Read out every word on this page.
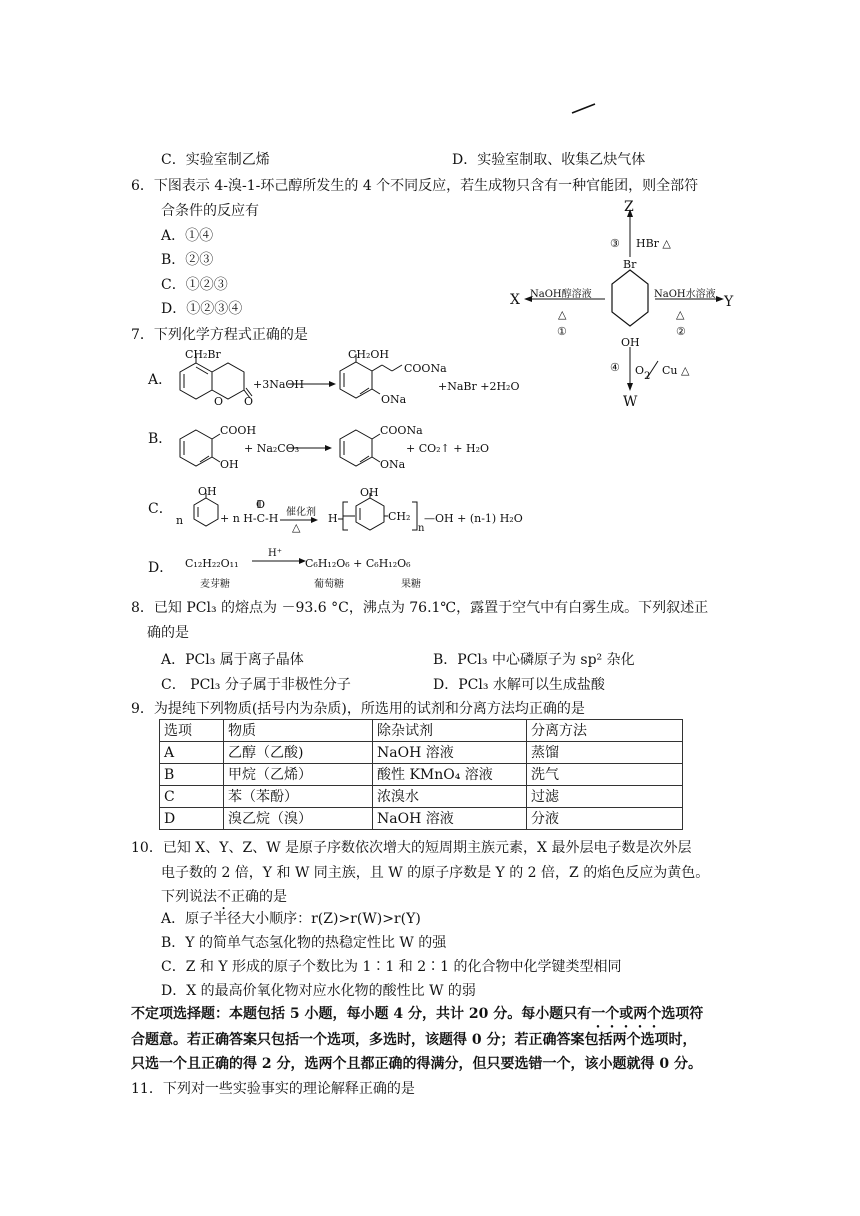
C．实验室制乙烯	D．实验室制取、收集乙炔气体
6．下图表示 4-溴-1-环己醇所发生的 4 个不同反应，若生成物只含有一种官能团，则全部符
合条件的反应有
A．①④
B．②③
C．①②③
D．①②③④
Z
③ HBr △
Br
X NaOH醇溶液
△
①
NaOH水溶液
△
②
Y
OH
④ O 2 Cu △
W
7．下列化学方程式正确的是
A．
CH₂Br
O O
+3NaOH
CH₂OH
COONa
ONa
+NaBr +2H₂O
B．
COOH
OH
+ Na₂CO₃
COONa
ONa
+ CO₂↑ + H₂O
C．
n
OH
+ n H-C-H
O
催化剂
△
H
OH
CH₂
n
—OH + (n-1) H₂O
D． C₁₂H₂₂O₁₁
H⁺
C₆H₁₂O₆ + C₆H₁₂O₆
麦芽糖	葡萄糖	果糖
8．已知 PCl₃ 的熔点为 －93.6 °C，沸点为 76.1℃，露置于空气中有白雾生成。下列叙述正
确的是
A．PCl₃ 属于离子晶体	B．PCl₃ 中心磷原子为 sp² 杂化
C． PCl₃ 分子属于非极性分子	D．PCl₃ 水解可以生成盐酸
9．为提纯下列物质(括号内为杂质)，所选用的试剂和分离方法均正确的是
选项	物质	除杂试剂	分离方法
A	乙醇（乙酸)	NaOH 溶液	蒸馏
B	甲烷（乙烯）	酸性 KMnO₄ 溶液	洗气
C	苯（苯酚）	浓溴水	过滤
D	溴乙烷（溴）	NaOH 溶液	分液
10．已知 X、Y、Z、W 是原子序数依次增大的短周期主族元素，X 最外层电子数是次外层
电子数的 2 倍，Y 和 W 同主族，且 W 的原子序数是 Y 的 2 倍，Z 的焰色反应为黄色。
下列说法不正确的是
A．原子半径大小顺序：r(Z)>r(W)>r(Y)
B．Y 的简单气态氢化物的热稳定性比 W 的强
C．Z 和 Y 形成的原子个数比为 1∶1 和 2∶1 的化合物中化学键类型相同
D．X 的最高价氧化物对应水化物的酸性比 W 的弱
不定项选择题：本题包括 5 小题，每小题 4 分，共计 20 分。每小题只有一个或两个选项符
合题意。若正确答案只包括一个选项，多选时，该题得 0 分；若正确答案包括两个选项时，
只选一个且正确的得 2 分，选两个且都正确的得满分，但只要选错一个，该小题就得 0 分。
11．下列对一些实验事实的理论解释正确的是
